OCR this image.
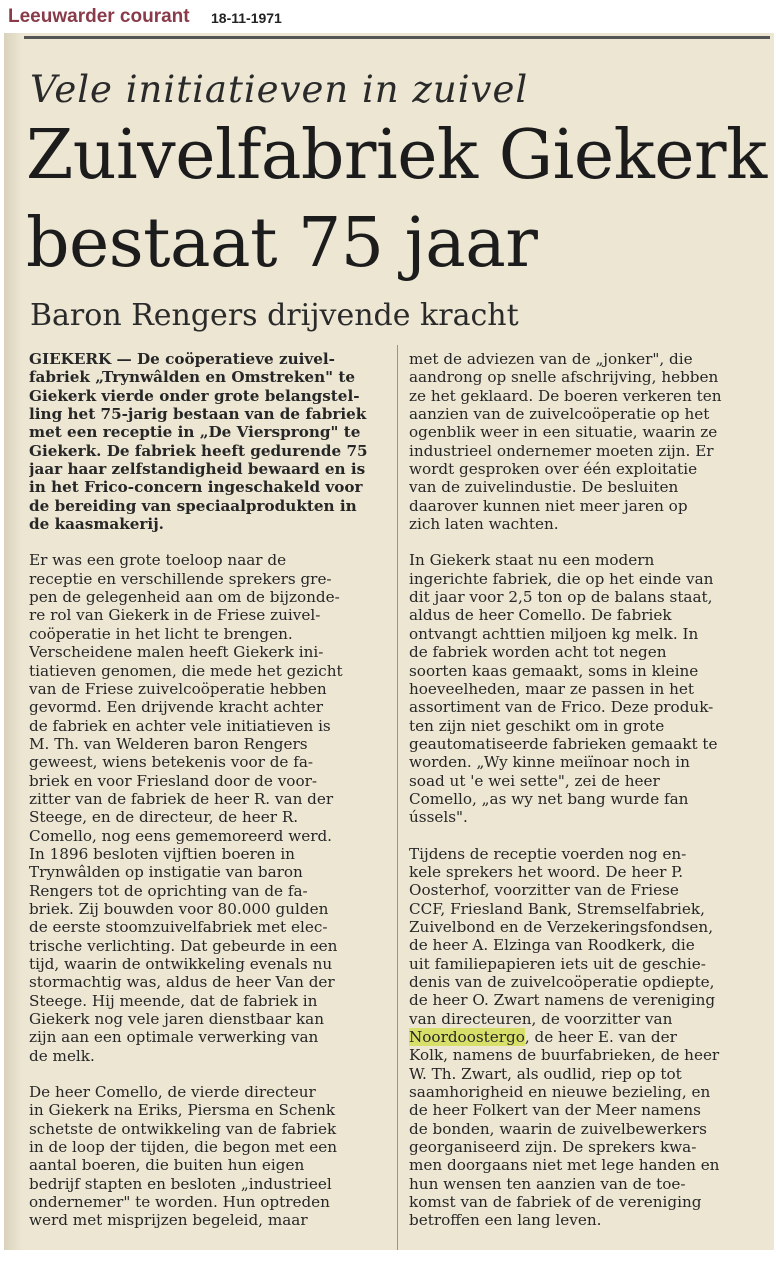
Leeuwarder courant 18-11-1971
Vele initiatieven in zuivel
Zuivelfabriek Giekerk
bestaat 75 jaar
Baron Rengers drijvende kracht
GIEKERK — De coöperatieve zuivel-
fabriek „Trynwâlden en Omstreken" te
Giekerk vierde onder grote belangstel-
ling het 75-jarig bestaan van de fabriek
met een receptie in „De Viersprong" te
Giekerk. De fabriek heeft gedurende 75
jaar haar zelfstandigheid bewaard en is
in het Frico-concern ingeschakeld voor
de bereiding van speciaalprodukten in
de kaasmakerij.
Er was een grote toeloop naar de
receptie en verschillende sprekers gre-
pen de gelegenheid aan om de bijzonde-
re rol van Giekerk in de Friese zuivel-
coöperatie in het licht te brengen.
Verscheidene malen heeft Giekerk ini-
tiatieven genomen, die mede het gezicht
van de Friese zuivelcoöperatie hebben
gevormd. Een drijvende kracht achter
de fabriek en achter vele initiatieven is
M. Th. van Welderen baron Rengers
geweest, wiens betekenis voor de fa-
briek en voor Friesland door de voor-
zitter van de fabriek de heer R. van der
Steege, en de directeur, de heer R.
Comello, nog eens gememoreerd werd.
In 1896 besloten vijftien boeren in
Trynwâlden op instigatie van baron
Rengers tot de oprichting van de fa-
briek. Zij bouwden voor 80.000 gulden
de eerste stoomzuivelfabriek met elec-
trische verlichting. Dat gebeurde in een
tijd, waarin de ontwikkeling evenals nu
stormachtig was, aldus de heer Van der
Steege. Hij meende, dat de fabriek in
Giekerk nog vele jaren dienstbaar kan
zijn aan een optimale verwerking van
de melk.
De heer Comello, de vierde directeur
in Giekerk na Eriks, Piersma en Schenk
schetste de ontwikkeling van de fabriek
in de loop der tijden, die begon met een
aantal boeren, die buiten hun eigen
bedrijf stapten en besloten „industrieel
ondernemer" te worden. Hun optreden
werd met misprijzen begeleid, maar
met de adviezen van de „jonker", die
aandrong op snelle afschrijving, hebben
ze het geklaard. De boeren verkeren ten
aanzien van de zuivelcoöperatie op het
ogenblik weer in een situatie, waarin ze
industrieel ondernemer moeten zijn. Er
wordt gesproken over één exploitatie
van de zuivelindustie. De besluiten
daarover kunnen niet meer jaren op
zich laten wachten.
In Giekerk staat nu een modern
ingerichte fabriek, die op het einde van
dit jaar voor 2,5 ton op de balans staat,
aldus de heer Comello. De fabriek
ontvangt achttien miljoen kg melk. In
de fabriek worden acht tot negen
soorten kaas gemaakt, soms in kleine
hoeveelheden, maar ze passen in het
assortiment van de Frico. Deze produk-
ten zijn niet geschikt om in grote
geautomatiseerde fabrieken gemaakt te
worden. „Wy kinne meiïnoar noch in
soad ut 'e wei sette", zei de heer
Comello, „as wy net bang wurde fan
ússels".
Tijdens de receptie voerden nog en-
kele sprekers het woord. De heer P.
Oosterhof, voorzitter van de Friese
CCF, Friesland Bank, Stremselfabriek,
Zuivelbond en de Verzekeringsfondsen,
de heer A. Elzinga van Roodkerk, die
uit familiepapieren iets uit de geschie-
denis van de zuivelcoöperatie opdiepte,
de heer O. Zwart namens de vereniging
van directeuren, de voorzitter van
Noordoostergo, de heer E. van der
Kolk, namens de buurfabrieken, de heer
W. Th. Zwart, als oudlid, riep op tot
saamhorigheid en nieuwe bezieling, en
de heer Folkert van der Meer namens
de bonden, waarin de zuivelbewerkers
georganiseerd zijn. De sprekers kwa-
men doorgaans niet met lege handen en
hun wensen ten aanzien van de toe-
komst van de fabriek of de vereniging
betroffen een lang leven.
